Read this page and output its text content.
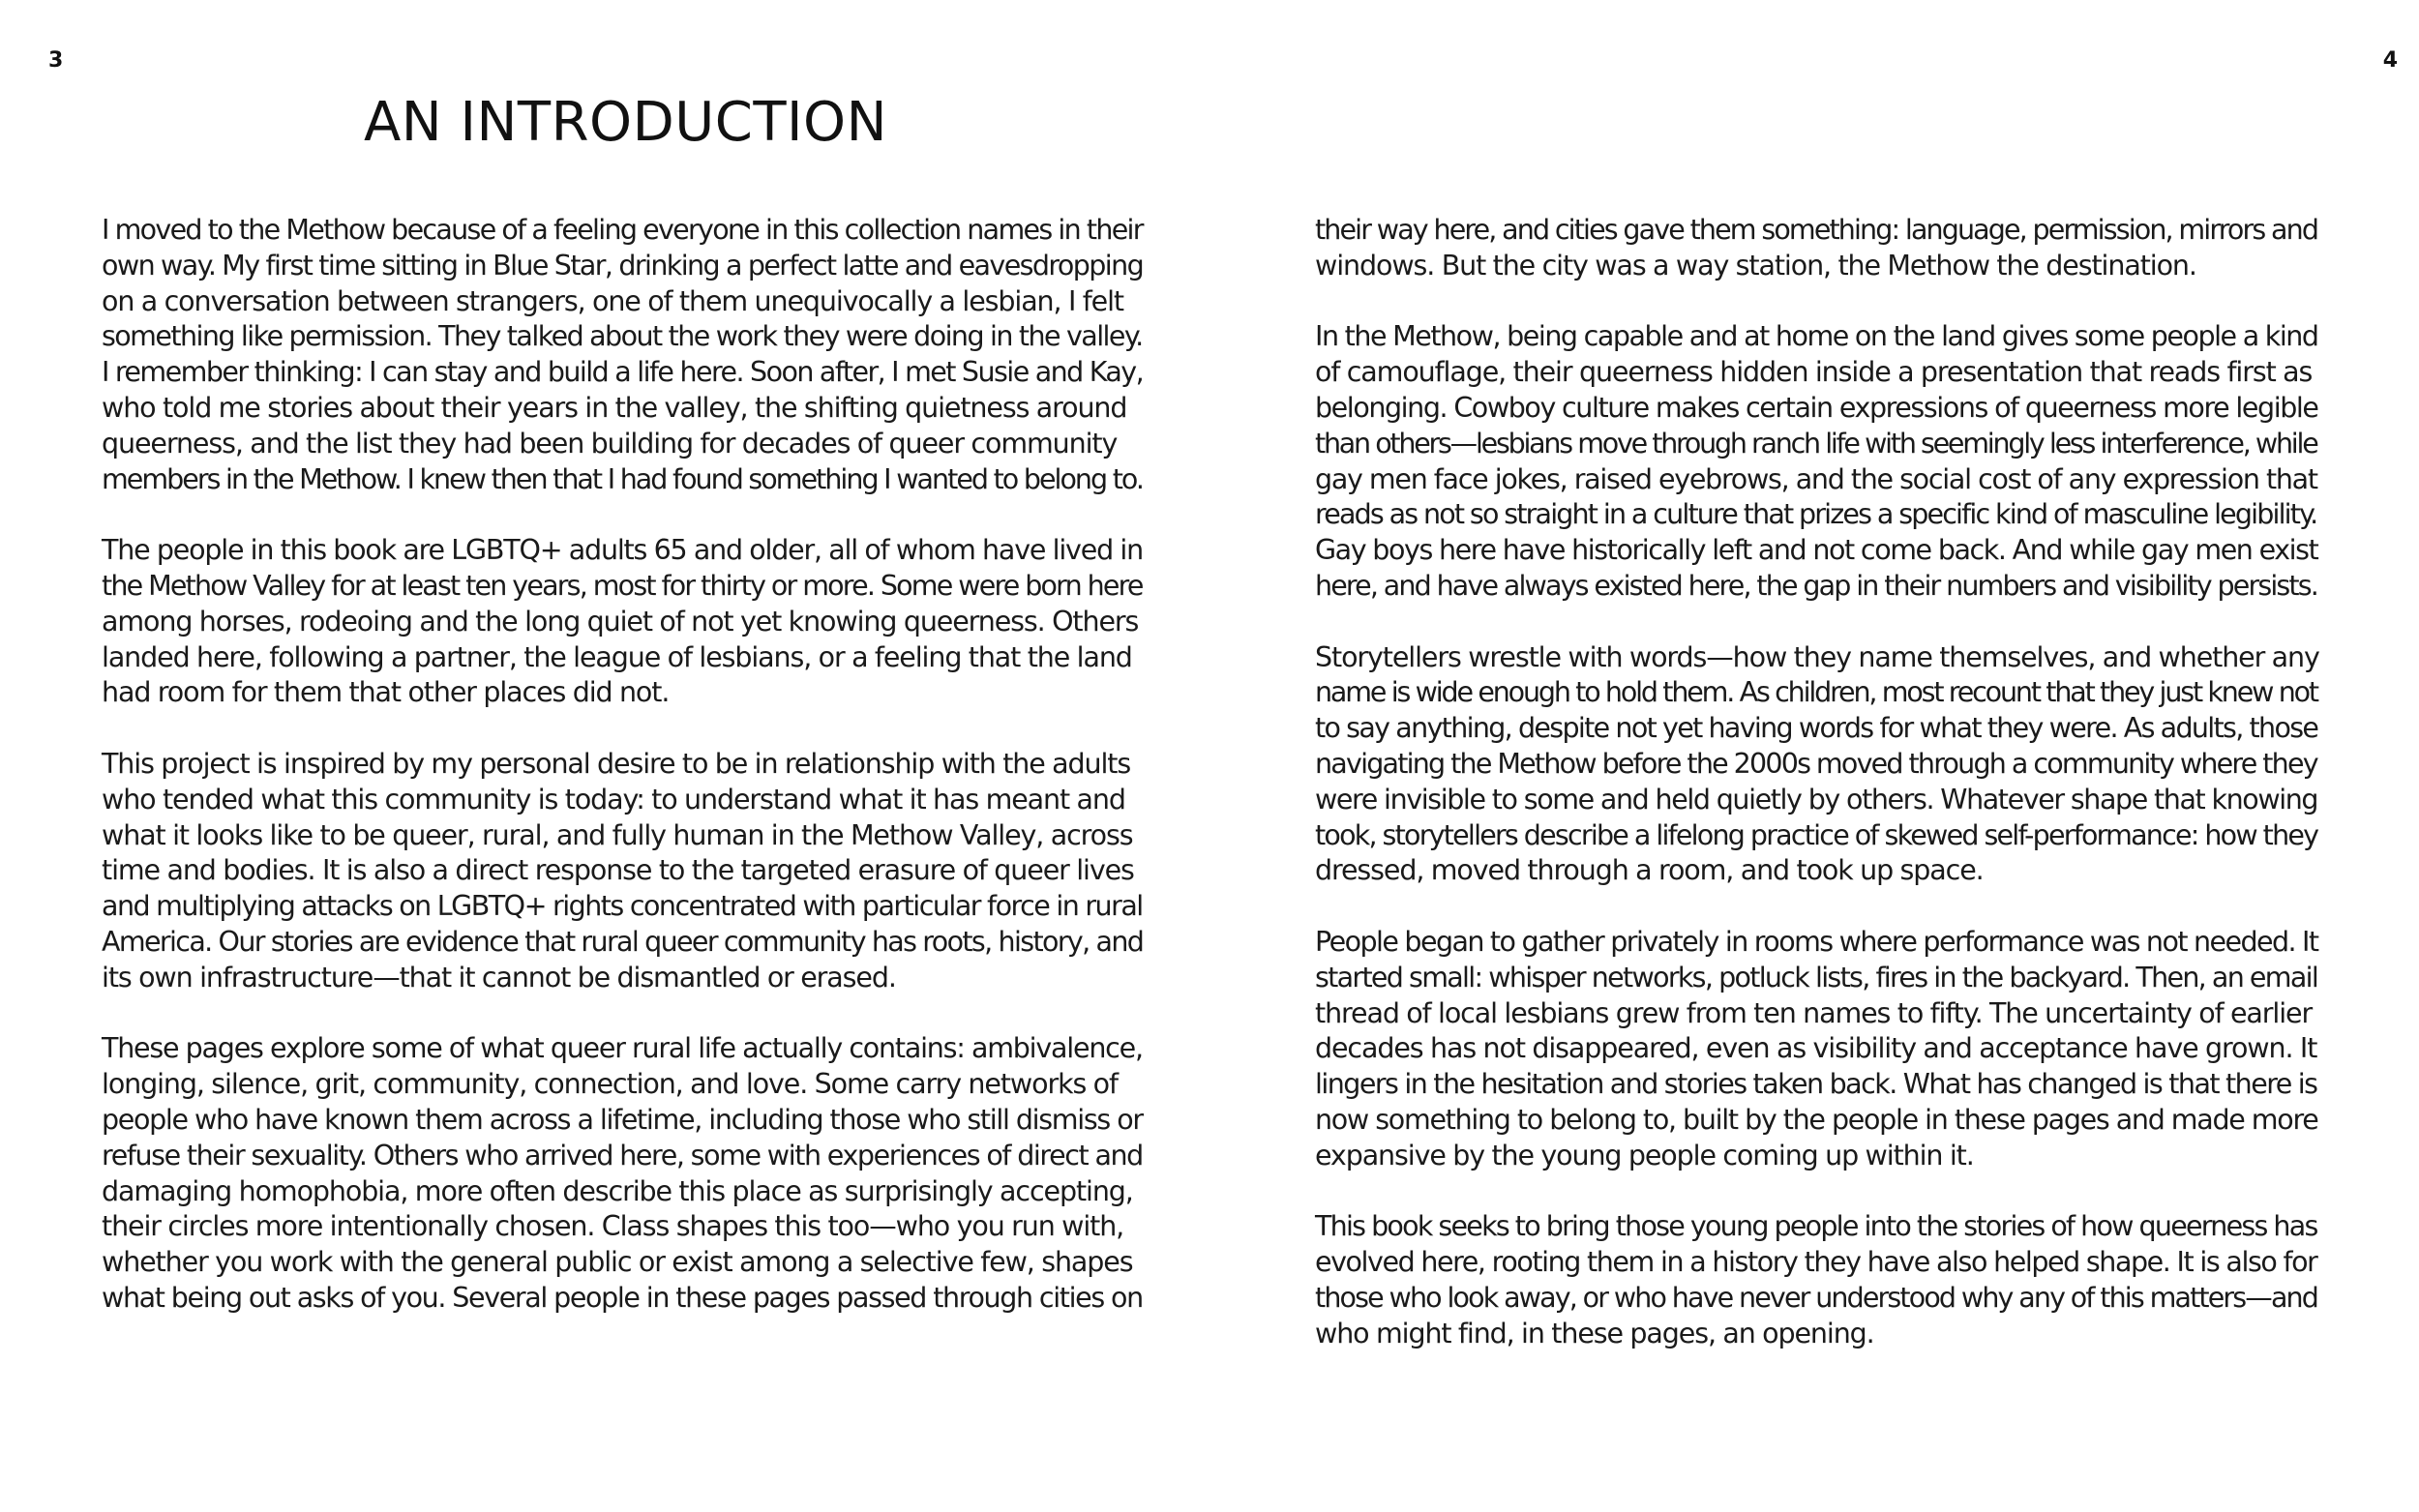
3	4
AN INTRODUCTION

I moved to the Methow because of a feeling everyone in this collection names in their
own way. My first time sitting in Blue Star, drinking a perfect latte and eavesdropping
on a conversation between strangers, one of them unequivocally a lesbian, I felt
something like permission. They talked about the work they were doing in the valley.
I remember thinking: I can stay and build a life here. Soon after, I met Susie and Kay,
who told me stories about their years in the valley, the shifting quietness around
queerness, and the list they had been building for decades of queer community
members in the Methow. I knew then that I had found something I wanted to belong to.

The people in this book are LGBTQ+ adults 65 and older, all of whom have lived in
the Methow Valley for at least ten years, most for thirty or more. Some were born here
among horses, rodeoing and the long quiet of not yet knowing queerness. Others
landed here, following a partner, the league of lesbians, or a feeling that the land
had room for them that other places did not.

This project is inspired by my personal desire to be in relationship with the adults
who tended what this community is today: to understand what it has meant and
what it looks like to be queer, rural, and fully human in the Methow Valley, across
time and bodies. It is also a direct response to the targeted erasure of queer lives
and multiplying attacks on LGBTQ+ rights concentrated with particular force in rural
America. Our stories are evidence that rural queer community has roots, history, and
its own infrastructure—that it cannot be dismantled or erased.

These pages explore some of what queer rural life actually contains: ambivalence,
longing, silence, grit, community, connection, and love. Some carry networks of
people who have known them across a lifetime, including those who still dismiss or
refuse their sexuality. Others who arrived here, some with experiences of direct and
damaging homophobia, more often describe this place as surprisingly accepting,
their circles more intentionally chosen. Class shapes this too—who you run with,
whether you work with the general public or exist among a selective few, shapes
what being out asks of you. Several people in these pages passed through cities on

their way here, and cities gave them something: language, permission, mirrors and
windows. But the city was a way station, the Methow the destination.

In the Methow, being capable and at home on the land gives some people a kind
of camouflage, their queerness hidden inside a presentation that reads first as
belonging. Cowboy culture makes certain expressions of queerness more legible
than others—lesbians move through ranch life with seemingly less interference, while
gay men face jokes, raised eyebrows, and the social cost of any expression that
reads as not so straight in a culture that prizes a specific kind of masculine legibility.
Gay boys here have historically left and not come back. And while gay men exist
here, and have always existed here, the gap in their numbers and visibility persists.

Storytellers wrestle with words—how they name themselves, and whether any
name is wide enough to hold them. As children, most recount that they just knew not
to say anything, despite not yet having words for what they were. As adults, those
navigating the Methow before the 2000s moved through a community where they
were invisible to some and held quietly by others. Whatever shape that knowing
took, storytellers describe a lifelong practice of skewed self-performance: how they
dressed, moved through a room, and took up space.

People began to gather privately in rooms where performance was not needed. It
started small: whisper networks, potluck lists, fires in the backyard. Then, an email
thread of local lesbians grew from ten names to fifty. The uncertainty of earlier
decades has not disappeared, even as visibility and acceptance have grown. It
lingers in the hesitation and stories taken back. What has changed is that there is
now something to belong to, built by the people in these pages and made more
expansive by the young people coming up within it.

This book seeks to bring those young people into the stories of how queerness has
evolved here, rooting them in a history they have also helped shape. It is also for
those who look away, or who have never understood why any of this matters—and
who might find, in these pages, an opening.
